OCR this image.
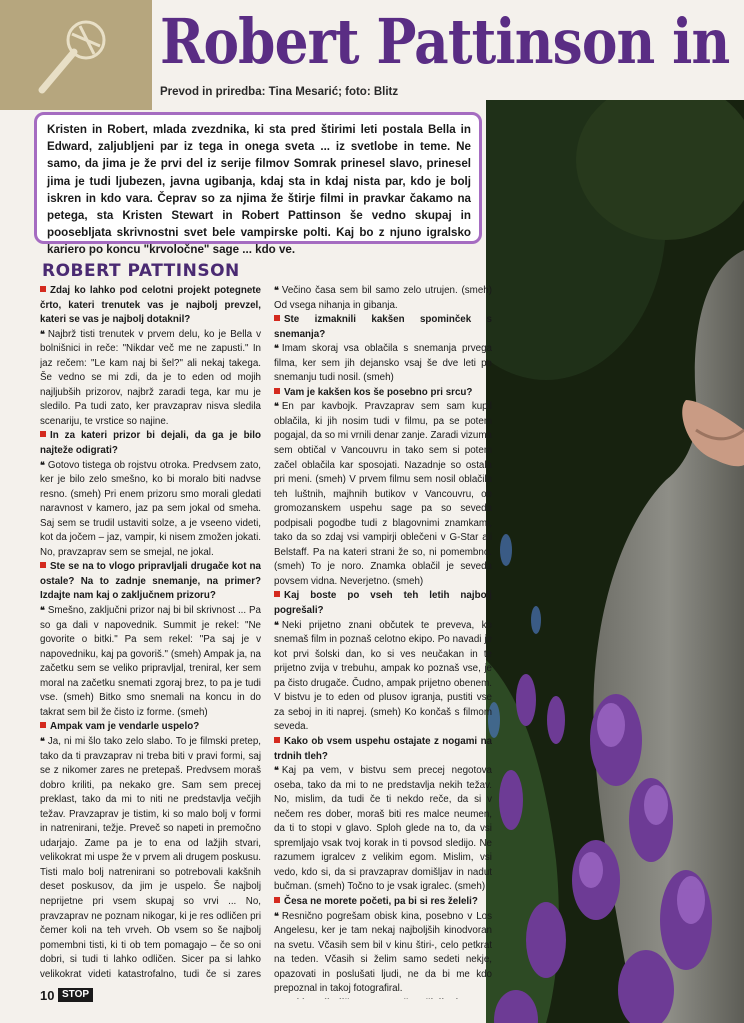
Robert Pattinson in
Prevod in priredba: Tina Mesarić; foto: Blitz
Kristen in Robert, mlada zvezdnika, ki sta pred štirimi leti postala Bella in Edward, zaljubljeni par iz tega in onega sveta ... iz svetlobe in teme. Ne samo, da jima je že prvi del iz serije filmov Somrak prinesel slavo, prinesel jima je tudi ljubezen, javna ugibanja, kdaj sta in kdaj nista par, kdo je bolj iskren in kdo vara. Čeprav so za njima že štirje filmi in pravkar čakamo na petega, sta Kristen Stewart in Robert Pattinson še vedno skupaj in poosebljata skrivnostni svet bele vampirske polti. Kaj bo z njuno igralsko kariero po koncu "krvoločne" sage ... kdo ve.
ROBERT PATTINSON
Zdaj ko lahko pod celotni projekt potegnete črto, kateri trenutek vas je najbolj prevzel, kateri se vas je najbolj dotaknil?
❝ Najbrž tisti trenutek v prvem delu, ko je Bella v bolnišnici in reče: "Nikdar več me ne zapusti." In jaz rečem: "Le kam naj bi šel?" ali nekaj takega. Še vedno se mi zdi, da je to eden od mojih najljubših prizorov, najbrž zaradi tega, kar mu je sledilo. Pa tudi zato, ker pravzaprav nisva sledila scenariju, te vrstice so najine.
In za kateri prizor bi dejali, da ga je bilo najteže odigrati?
❝ Gotovo tistega ob rojstvu otroka. Predvsem zato, ker je bilo zelo smešno, ko bi moralo biti nadvse resno. (smeh) Pri enem prizoru smo morali gledati naravnost v kamero, jaz pa sem jokal od smeha. Saj sem se trudil ustaviti solze, a je vseeno videti, kot da jočem – jaz, vampir, ki nisem zmožen jokati. No, pravzaprav sem se smejal, ne jokal.
Ste se na to vlogo pripravljali drugače kot na ostale? Na to zadnje snemanje, na primer? Izdajte nam kaj o zaključnem prizoru?
❝ Smešno, zaključni prizor naj bi bil skrivnost ... Pa so ga dali v napovednik. Summit je rekel: "Ne govorite o bitki." Pa sem rekel: "Pa saj je v napovedniku, kaj pa govoriš." (smeh) Ampak ja, na začetku sem se veliko pripravljal, treniral, ker sem moral na začetku snemati zgoraj brez, to pa je tudi vse. (smeh) Bitko smo snemali na koncu in do takrat sem bil že čisto iz forme. (smeh)
Ampak vam je vendarle uspelo?
❝ Ja, ni mi šlo tako zelo slabo. To je filmski pretep, tako da ti pravzaprav ni treba biti v pravi formi, saj se z nikomer zares ne pretepaš. Predvsem moraš dobro kriliti, pa nekako gre. Sam sem precej preklast, tako da mi to niti ne predstavlja večjih težav. Pravzaprav je tistim, ki so malo bolj v formi in natrenirani, težje. Preveč so napeti in premočno udarjajo. Zame pa je to ena od lažjih stvari, velikokrat mi uspe že v prvem ali drugem poskusu. Tisti malo bolj natrenirani so potrebovali kakšnih deset poskusov, da jim je uspelo. Še najbolj neprijetne pri vsem skupaj so vrvi ... No, pravzaprav ne poznam nikogar, ki je res odličen pri čemer koli na teh vrveh. Ob vsem so še najbolj pomembni tisti, ki ti ob tem pomagajo – če so oni dobri, si tudi ti lahko odličen. Sicer pa si lahko velikokrat videti katastrofalno, tudi če si zares
❝ Večino časa sem bil samo zelo utrujen. (smeh) Od vsega nihanja in gibanja.
Ste izmaknili kakšen spominček s snemanja?
❝ Imam skoraj vsa oblačila s snemanja prvega filma, ker sem jih dejansko vsaj še dve leti po snemanju tudi nosil. (smeh)
Vam je kakšen kos še posebno pri srcu?
❝ En par kavbojk. Pravzaprav sem sam kupil oblačila, ki jih nosim tudi v filmu, pa se potem pogajal, da so mi vrnili denar zanje. Zaradi vizuma sem obtičal v Vancouvru in tako sem si potem začel oblačila kar sposojati. Nazadnje so ostala pri meni. (smeh) V prvem filmu sem nosil oblačila teh luštnih, majhnih butikov v Vancouvru, ob gromozanskem uspehu sage pa so seveda podpisali pogodbe tudi z blagovnimi znamkami, tako da so zdaj vsi vampirji oblečeni v G-Star ali Belstaff. Pa na kateri strani že so, ni pomembno. (smeh) To je noro. Znamka oblačil je seveda povsem vidna. Neverjetno. (smeh)
Kaj boste po vseh teh letih najbolj pogrešali?
❝ Neki prijetno znani občutek te preveva, ko snemaš film in poznaš celotno ekipo. Po navadi je kot prvi šolski dan, ko si ves neučakan in te prijetno zvija v trebuhu, ampak ko poznaš vse, je pa čisto drugače. Čudno, ampak prijetno obenem. V bistvu je to eden od plusov igranja, pustiti vse za seboj in iti naprej. (smeh) Ko končaš s filmom seveda.
Kako ob vsem uspehu ostajate z nogami na trdnih tleh?
❝ Kaj pa vem, v bistvu sem precej negotova oseba, tako da mi to ne predstavlja nekih težav. No, mislim, da tudi če ti nekdo reče, da si v nečem res dober, moraš biti res malce neumen, da ti to stopi v glavo. Sploh glede na to, da vsi spremljajo vsak tvoj korak in ti povsod sledijo. Ne razumem igralcev z velikim egom. Mislim, vsi vedo, kdo si, da si pravzaprav domišljav in nadut bučman. (smeh) Točno to je vsak igralec. (smeh)
Česa ne morete početi, pa bi si res želeli?
❝ Resnično pogrešam obisk kina, posebno v Los Angelesu, ker je tam nekaj najboljših kinodvoran na svetu. Včasih sem bil v kinu štiri-, celo petkrat na teden. Včasih si želim samo sedeti nekje, opazovati in poslušati ljudi, ne da bi me kdo prepoznal in takoj fotografiral.
10 STOP
